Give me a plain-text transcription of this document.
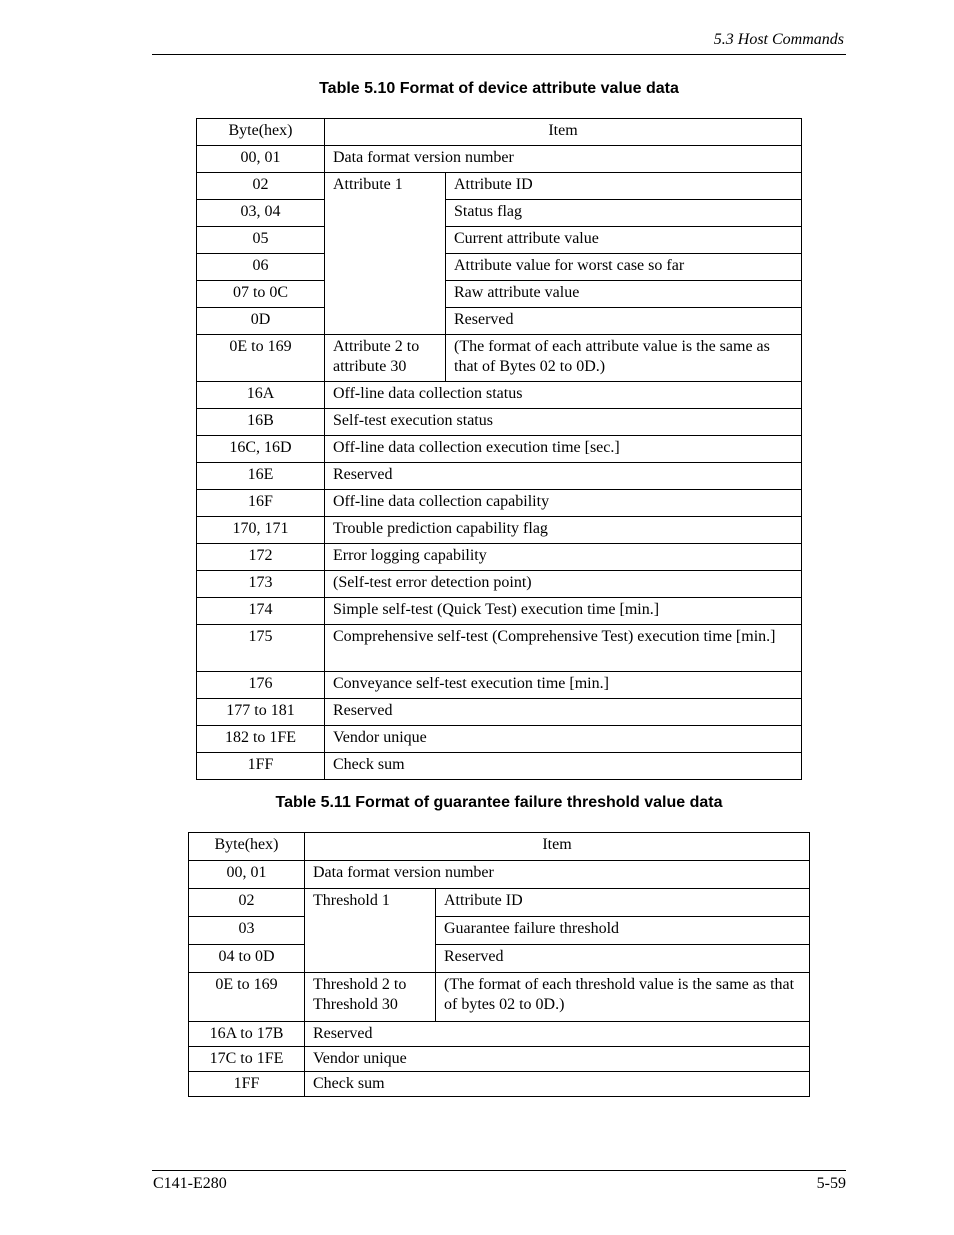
5.3 Host Commands
Table 5.10 Format of device attribute value data
Byte(hex)	Item	
00, 01	Data format version number	
02	Attribute 1	Attribute ID
03, 04		Status flag
05		Current attribute value
06		Attribute value for worst case so far
07 to 0C		Raw attribute value
0D		Reserved
0E to 169	Attribute 2 to attribute 30	(The format of each attribute value is the same as that of Bytes 02 to 0D.)
16A	Off-line data collection status	
16B	Self-test execution status	
16C, 16D	Off-line data collection execution time [sec.]	
16E	Reserved	
16F	Off-line data collection capability	
170, 171	Trouble prediction capability flag	
172	Error logging capability	
173	(Self-test error detection point)	
174	Simple self-test (Quick Test) execution time [min.]	
175	Comprehensive self-test (Comprehensive Test) execution time [min.]	
176	Conveyance self-test execution time [min.]	
177 to 181	Reserved	
182 to 1FE	Vendor unique	
1FF	Check sum	
Table 5.11 Format of guarantee failure threshold value data
Byte(hex)	Item	
00, 01	Data format version number	
02	Threshold 1	Attribute ID
03		Guarantee failure threshold
04 to 0D		Reserved
0E to 169	Threshold 2 to Threshold 30	(The format of each threshold value is the same as that of bytes 02 to 0D.)
16A to 17B	Reserved	
17C to 1FE	Vendor unique	
1FF	Check sum	
C141-E280	5-59
